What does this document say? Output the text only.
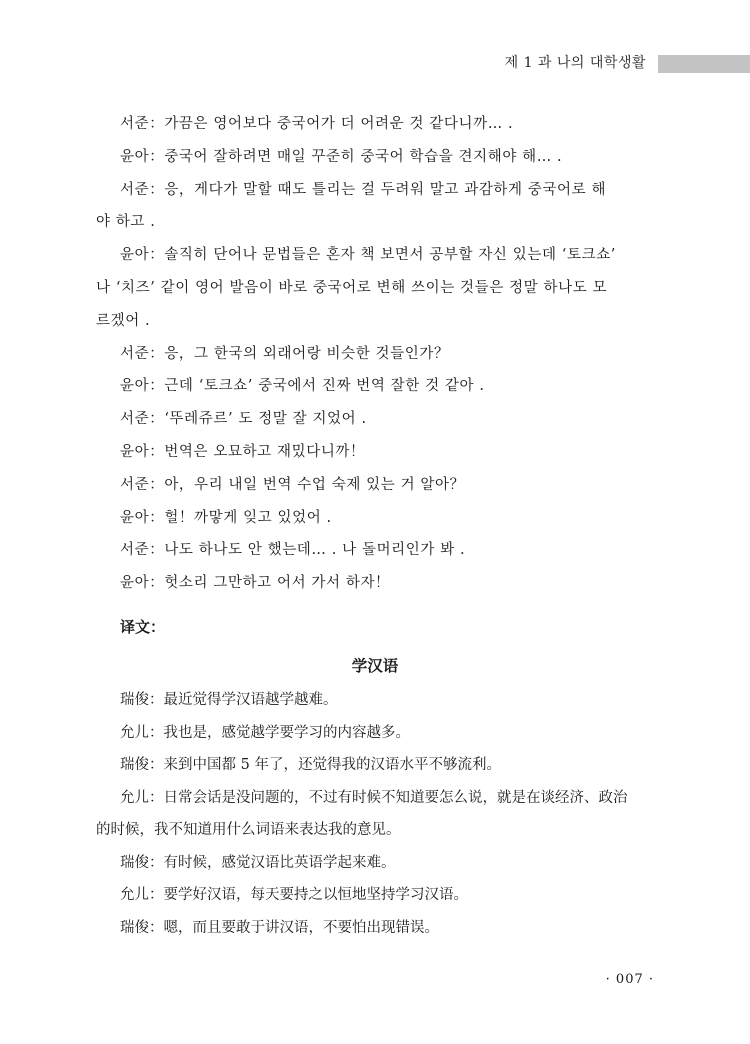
제 1 과 나의 대학생활
서준：가끔은 영어보다 중국어가 더 어려운 것 같다니까… .
윤아：중국어 잘하려면 매일 꾸준히 중국어 학습을 견지해야 해… .
서준：응，게다가 말할 때도 틀리는 걸 두려워 말고 과감하게 중국어로 해
야 하고 .
윤아：솔직히 단어나 문법들은 혼자 책 보면서 공부할 자신 있는데 ‘토크쇼’
나 ‘치즈’ 같이 영어 발음이 바로 중국어로 변해 쓰이는 것들은 정말 하나도 모
르겠어 .
서준：응，그 한국의 외래어랑 비슷한 것들인가？
윤아：근데 ‘토크쇼’ 중국에서 진짜 번역 잘한 것 같아 .
서준：‘뚜레쥬르’ 도 정말 잘 지었어 .
윤아：번역은 오묘하고 재밌다니까！
서준：아，우리 내일 번역 수업 숙제 있는 거 알아？
윤아：헐！까맣게 잊고 있었어 .
서준：나도 하나도 안 했는데… . 나 돌머리인가 봐 .
윤아：헛소리 그만하고 어서 가서 하자！
译文：
学汉语
瑞俊：最近觉得学汉语越学越难。
允儿：我也是，感觉越学要学习的内容越多。
瑞俊：来到中国都 5 年了，还觉得我的汉语水平不够流利。
允儿：日常会话是没问题的，不过有时候不知道要怎么说，就是在谈经济、政治
的时候，我不知道用什么词语来表达我的意见。
瑞俊：有时候，感觉汉语比英语学起来难。
允儿：要学好汉语，每天要持之以恒地坚持学习汉语。
瑞俊：嗯，而且要敢于讲汉语，不要怕出现错误。
· 007 ·
